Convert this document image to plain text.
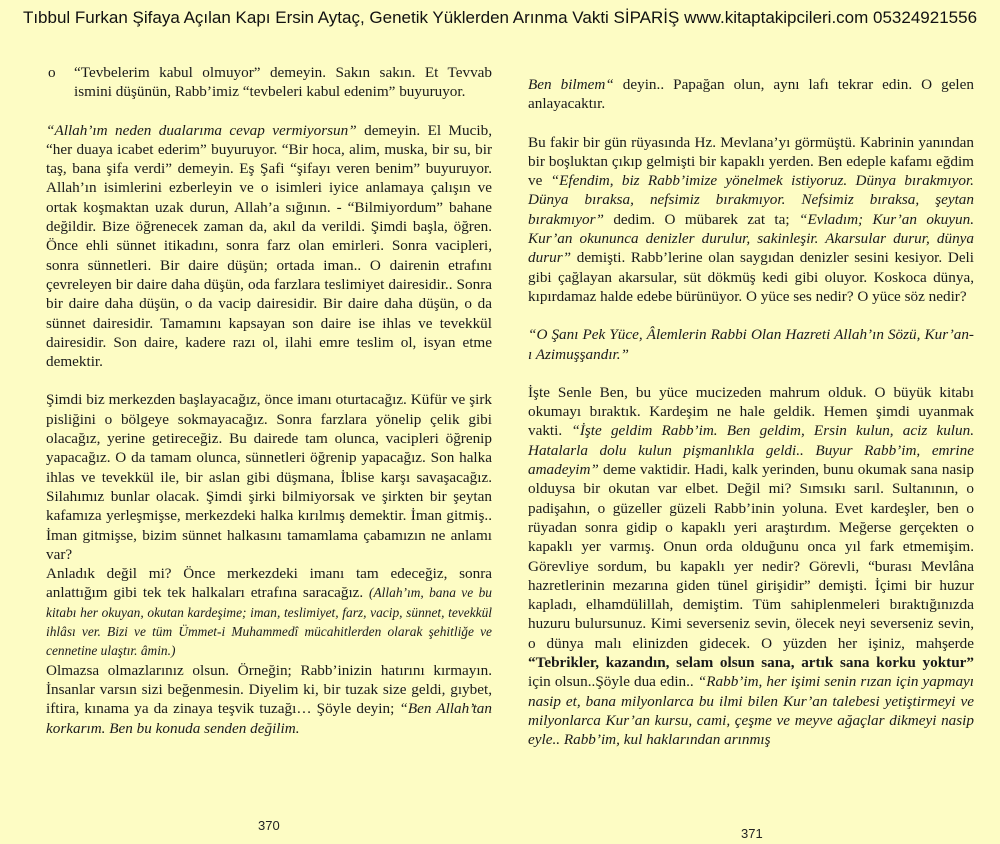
Tıbbul Furkan Şifaya Açılan Kapı Ersin Aytaç, Genetik Yüklerden Arınma Vakti SİPARİŞ www.kitaptakipcileri.com 05324921556
o	“Tevbelerim kabul olmuyor” demeyin. Sakın sakın. Et Tevvab ismini düşünün, Rabb’imiz “tevbeleri kabul edenim” buyuruyor.

“Allah’ım neden dualarıma cevap vermiyorsun” demeyin. El Mucib, “her duaya icabet ederim” buyuruyor. “Bir hoca, alim, muska, bir su, bir taş, bana şifa verdi” demeyin. Eş Şafi “şifayı veren benim” buyuruyor. Allah’ın isimlerini ezberleyin ve o isimleri iyice anlamaya çalışın ve ortak koşmaktan uzak durun, Allah’a sığının. - “Bilmiyordum” bahane değildir. Bize öğrenecek zaman da, akıl da verildi. Şimdi başla, öğren. Önce ehli sünnet itikadını, sonra farz olan emirleri. Sonra vacipleri, sonra sünnetleri. Bir daire düşün; ortada iman.. O dairenin etrafını çevreleyen bir daire daha düşün, oda farzlara teslimiyet dairesidir.. Sonra bir daire daha düşün, o da vacip dairesidir. Bir daire daha düşün, o da sünnet dairesidir. Tamamını kapsayan son daire ise ihlas ve tevekkül dairesidir. Son daire, kadere razı ol, ilahi emre teslim ol, isyan etme demektir.

Şimdi biz merkezden başlayacağız, önce imanı oturtacağız. Küfür ve şirk pisliğini o bölgeye sokmayacağız. Sonra farzlara yönelip çelik gibi olacağız, yerine getireceğiz. Bu dairede tam olunca, vacipleri öğrenip yapacağız. O da tamam olunca, sünnetleri öğrenip yapacağız. Son halka ihlas ve tevekkül ile, bir aslan gibi düşmana, İblise karşı savaşacağız. Silahımız bunlar olacak. Şimdi şirki bilmiyorsak ve şirkten bir şeytan kafamıza yerleşmişse, merkezdeki halka kırılmış demektir. İman gitmiş.. İman gitmişse, bizim sünnet halkasını tamamlama çabamızın ne anlamı var?

Anladık değil mi? Önce merkezdeki imanı tam edeceğiz, sonra anlattığım gibi tek tek halkaları etrafına saracağız. (Allah’ım, bana ve bu kitabı her okuyan, okutan kardeşime; iman, teslimiyet, farz, vacip, sünnet, tevekkül ihlâsı ver. Bizi ve tüm Ümmet-i Muhammedî mücahitlerden olarak şehitliğe ve cennetine ulaştır. âmin.)

Olmazsa olmazlarınız olsun. Örneğin; Rabb’inizin hatırını kırmayın. İnsanlar varsın sizi beğenmesin. Diyelim ki, bir tuzak size geldi, gıybet, iftira, kınama ya da zinaya teşvik tuzağı… Şöyle deyin; “Ben Allah’tan korkarım. Ben bu konuda senden değilim.

370

Ben bilmem“ deyin.. Papağan olun, aynı lafı tekrar edin. O gelen anlayacaktır.

Bu fakir bir gün rüyasında Hz. Mevlana’yı görmüştü. Kabrinin yanından bir boşluktan çıkıp gelmişti bir kapaklı yerden. Ben edeple kafamı eğdim ve “Efendim, biz Rabb’imize yönelmek istiyoruz. Dünya bırakmıyor. Dünya bıraksa, nefsimiz bırakmıyor. Nefsimiz bıraksa, şeytan bırakmıyor” dedim. O mübarek zat ta; “Evladım; Kur’an okuyun. Kur’an okununca denizler durulur, sakinleşir. Akarsular durur, dünya durur” demişti. Rabb’lerine olan saygıdan denizler sesini kesiyor. Deli gibi çağlayan akarsular, süt dökmüş kedi gibi oluyor. Koskoca dünya, kıpırdamaz halde edebe bürünüyor. O yüce ses nedir? O yüce söz nedir?

“O Şanı Pek Yüce, Âlemlerin Rabbi Olan Hazreti Allah’ın Sözü, Kur’an-ı Azimuşşandır.”

İşte Senle Ben, bu yüce mucizeden mahrum olduk. O büyük kitabı okumayı bıraktık. Kardeşim ne hale geldik. Hemen şimdi uyanmak vakti. “İşte geldim Rabb’im. Ben geldim, Ersin kulun, aciz kulun. Hatalarla dolu kulun pişmanlıkla geldi.. Buyur Rabb’im, emrine amadeyim” deme vaktidir. Hadi, kalk yerinden, bunu okumak sana nasip olduysa bir okutan var elbet. Değil mi? Sımsıkı sarıl. Sultanının, o padişahın, o güzeller güzeli Rabb’inin yoluna. Evet kardeşler, ben o rüyadan sonra gidip o kapaklı yeri araştırdım. Meğerse gerçekten o kapaklı yer varmış. Onun orda olduğunu onca yıl fark etmemişim. Görevliye sordum, bu kapaklı yer nedir? Görevli, “burası Mevlâna hazretlerinin mezarına giden tünel girişidir” demişti. İçimi bir huzur kapladı, elhamdülillah, demiştim. Tüm sahiplenmeleri bıraktığınızda huzuru bulursunuz. Kimi severseniz sevin, ölecek neyi severseniz sevin, o dünya malı elinizden gidecek. O yüzden her işiniz, mahşerde “Tebrikler, kazandın, selam olsun sana, artık sana korku yoktur” için olsun..Şöyle dua edin.. “Rabb’im, her işimi senin rızan için yapmayı nasip et, bana milyonlarca bu ilmi bilen Kur’an talebesi yetiştirmeyi ve milyonlarca Kur’an kursu, cami, çeşme ve meyve ağaçlar dikmeyi nasip eyle.. Rabb’im, kul haklarından arınmış

371
